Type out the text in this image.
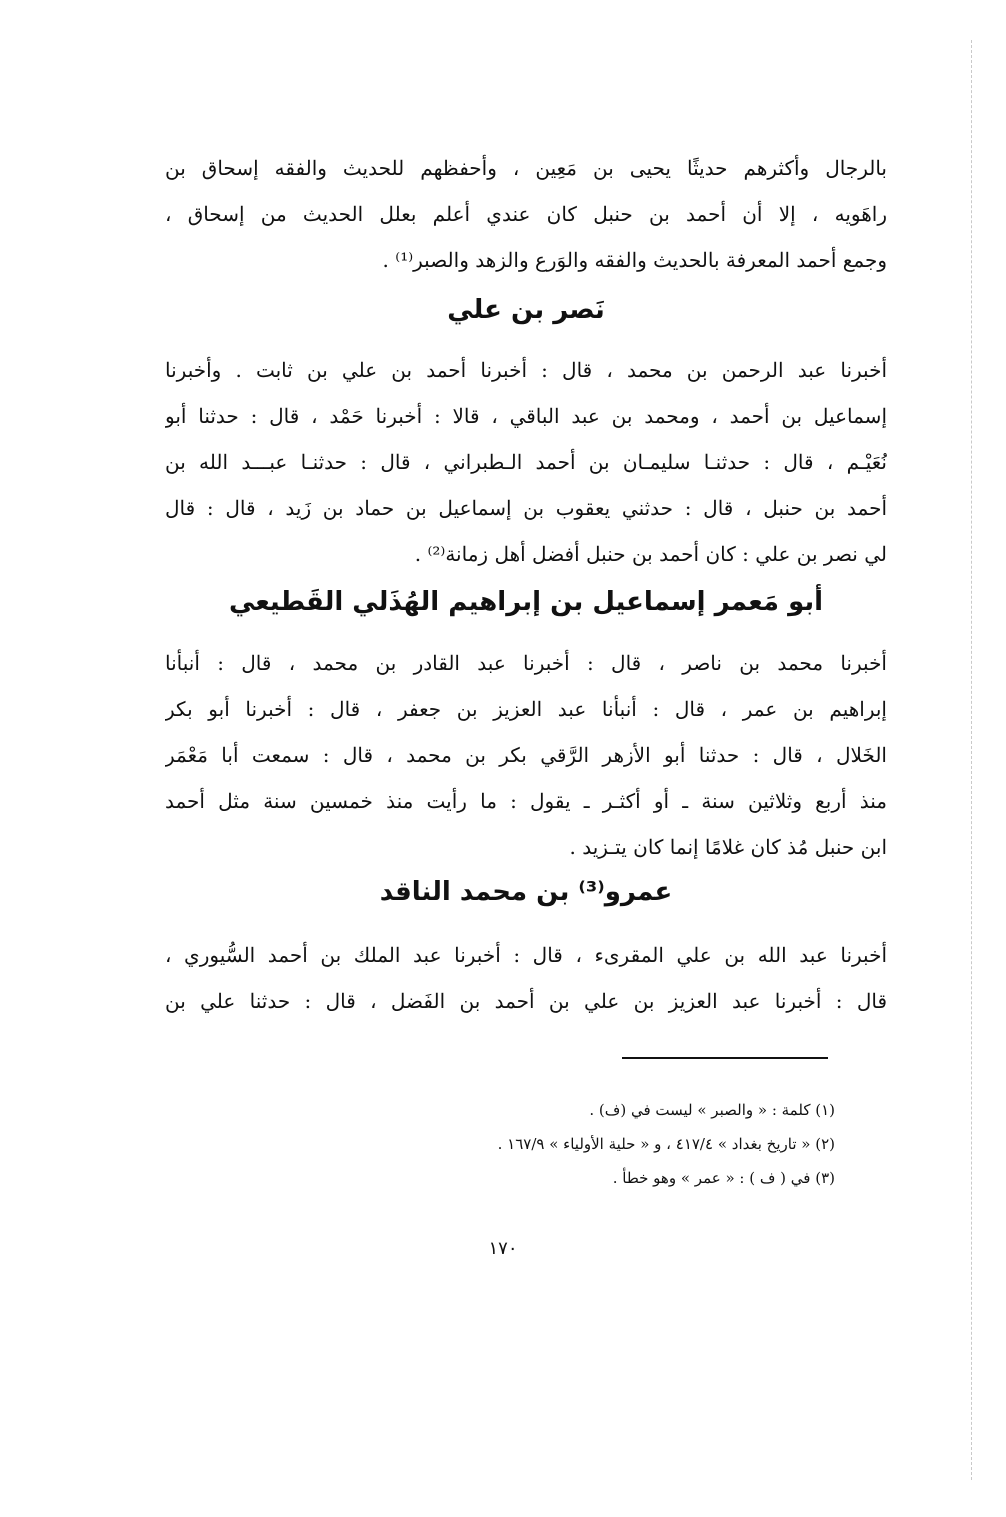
بالرجال وأكثرهم حديثًا يحيى بن مَعِين ، وأحفظهم للحديث والفقه إسحاق بن
راهَويه ، إلا أن أحمد بن حنبل كان عندي أعلم بعلل الحديث من إسحاق ،
وجمع أحمد المعرفة بالحديث والفقه والوَرع والزهد والصبر⁽¹⁾ .
نَصر بن علي
أخبرنا عبد الرحمن بن محمد ، قال : أخبرنا أحمد بن علي بن ثابت . وأخبرنا
إسماعيل بن أحمد ، ومحمد بن عبد الباقي ، قالا : أخبرنا حَمْد ، قال : حدثنا أبو
نُعَيْـم ، قال : حدثنـا سليمـان بن أحمد الـطبراني ، قال : حدثنـا عبـــد الله بن
أحمد بن حنبل ، قال : حدثني يعقوب بن إسماعيل بن حماد بن زَيد ، قال : قال
لي نصر بن علي : كان أحمد بن حنبل أفضل أهل زمانة⁽²⁾ .
أبو مَعمر إسماعيل بن إبراهيم الهُذَلي القَطيعي
أخبرنا محمد بن ناصر ، قال : أخبرنا عبد القادر بن محمد ، قال : أنبأنا
إبراهيم بن عمر ، قال : أنبأنا عبد العزيز بن جعفر ، قال : أخبرنا أبو بكر
الخَلال ، قال : حدثنا أبو الأزهر الرَّقي بكر بن محمد ، قال : سمعت أبا مَعْمَر
منذ أربع وثلاثين سنة ـ أو أكثـر ـ يقول : ما رأيت منذ خمسين سنة مثل أحمد
ابن حنبل مُذ كان غلامًا إنما كان يتـزيد .
عمرو⁽³⁾ بن محمد الناقد
أخبرنا عبد الله بن علي المقرىء ، قال : أخبرنا عبد الملك بن أحمد السُّيوري ،
قال : أخبرنا عبد العزيز بن علي بن أحمد بن الفَضل ، قال : حدثنا علي بن
(١) كلمة : « والصبر » ليست في (ف) .
(٢) « تاريخ بغداد » ٤١٧/٤ ، و « حلية الأولياء » ١٦٧/٩ .
(٣) في ( ف ) : « عمر » وهو خطأ .
١٧٠
